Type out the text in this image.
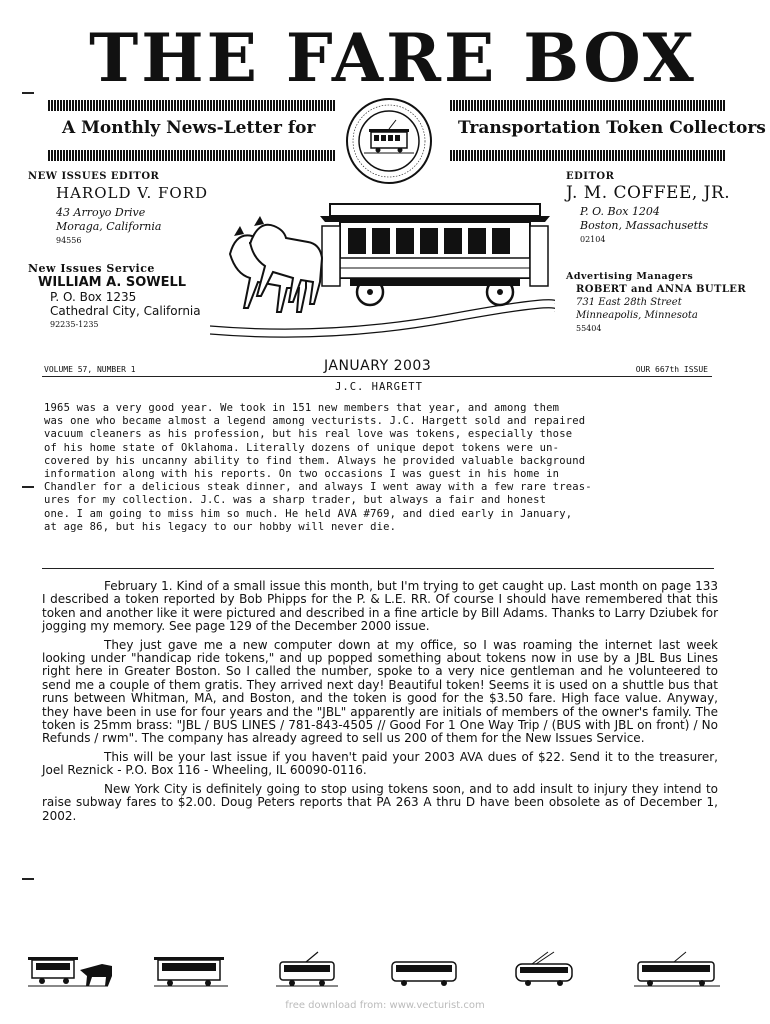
THE FARE BOX
A Monthly News-Letter for	Transportation Token Collectors
NEW ISSUES EDITOR
HAROLD V. FORD
43 Arroyo Drive
Moraga, California
94556
New Issues Service
WILLIAM A. SOWELL
P. O. Box 1235
Cathedral City, California
92235-1235
EDITOR
J. M. COFFEE, JR.
P. O. Box 1204
Boston, Massachusetts
02104
Advertising Managers
ROBERT and ANNA BUTLER
731 East 28th Street
Minneapolis, Minnesota
55404
VOLUME 57, NUMBER 1	JANUARY 2003	OUR 667th ISSUE
J.C. HARGETT
1965 was a very good year. We took in 151 new members that year, and among them
was one who became almost a legend among vecturists. J.C. Hargett sold and repaired
vacuum cleaners as his profession, but his real love was tokens, especially those
of his home state of Oklahoma. Literally dozens of unique depot tokens were un-
covered by his uncanny ability to find them. Always he provided valuable background
information along with his reports. On two occasions I was guest in his home in
Chandler for a delicious steak dinner, and always I went away with a few rare treas-
ures for my collection. J.C. was a sharp trader, but always a fair and honest
one. I am going to miss him so much. He held AVA #769, and died early in January,
at age 86, but his legacy to our hobby will never die.

February 1. Kind of a small issue this month, but I'm trying to get caught up. Last month on page 133 I described a token reported by Bob Phipps for the P. & L.E. RR. Of course I should have remembered that this token and another like it were pictured and described in a fine article by Bill Adams. Thanks to Larry Dziubek for jogging my memory. See page 129 of the December 2000 issue.

They just gave me a new computer down at my office, so I was roaming the internet last week looking under "handicap ride tokens," and up popped something about tokens now in use by a JBL Bus Lines right here in Greater Boston. So I called the number, spoke to a very nice gentleman and he volunteered to send me a couple of them gratis. They arrived next day! Beautiful token! Seems it is used on a shuttle bus that runs between Whitman, MA, and Boston, and the token is good for the $3.50 fare. High face value. Anyway, they have been in use for four years and the "JBL" apparently are initials of members of the owner's family. The token is 25mm brass: "JBL / BUS LINES / 781-843-4505 // Good For 1 One Way Trip / (BUS with JBL on front) / No Refunds / rwm". The company has already agreed to sell us 200 of them for the New Issues Service.

This will be your last issue if you haven't paid your 2003 AVA dues of $22. Send it to the treasurer, Joel Reznick - P.O. Box 116 - Wheeling, IL 60090-0116.

New York City is definitely going to stop using tokens soon, and to add insult to injury they intend to raise subway fares to $2.00. Doug Peters reports that PA 263 A thru D have been obsolete as of December 1, 2002.

free download from: www.vecturist.com
